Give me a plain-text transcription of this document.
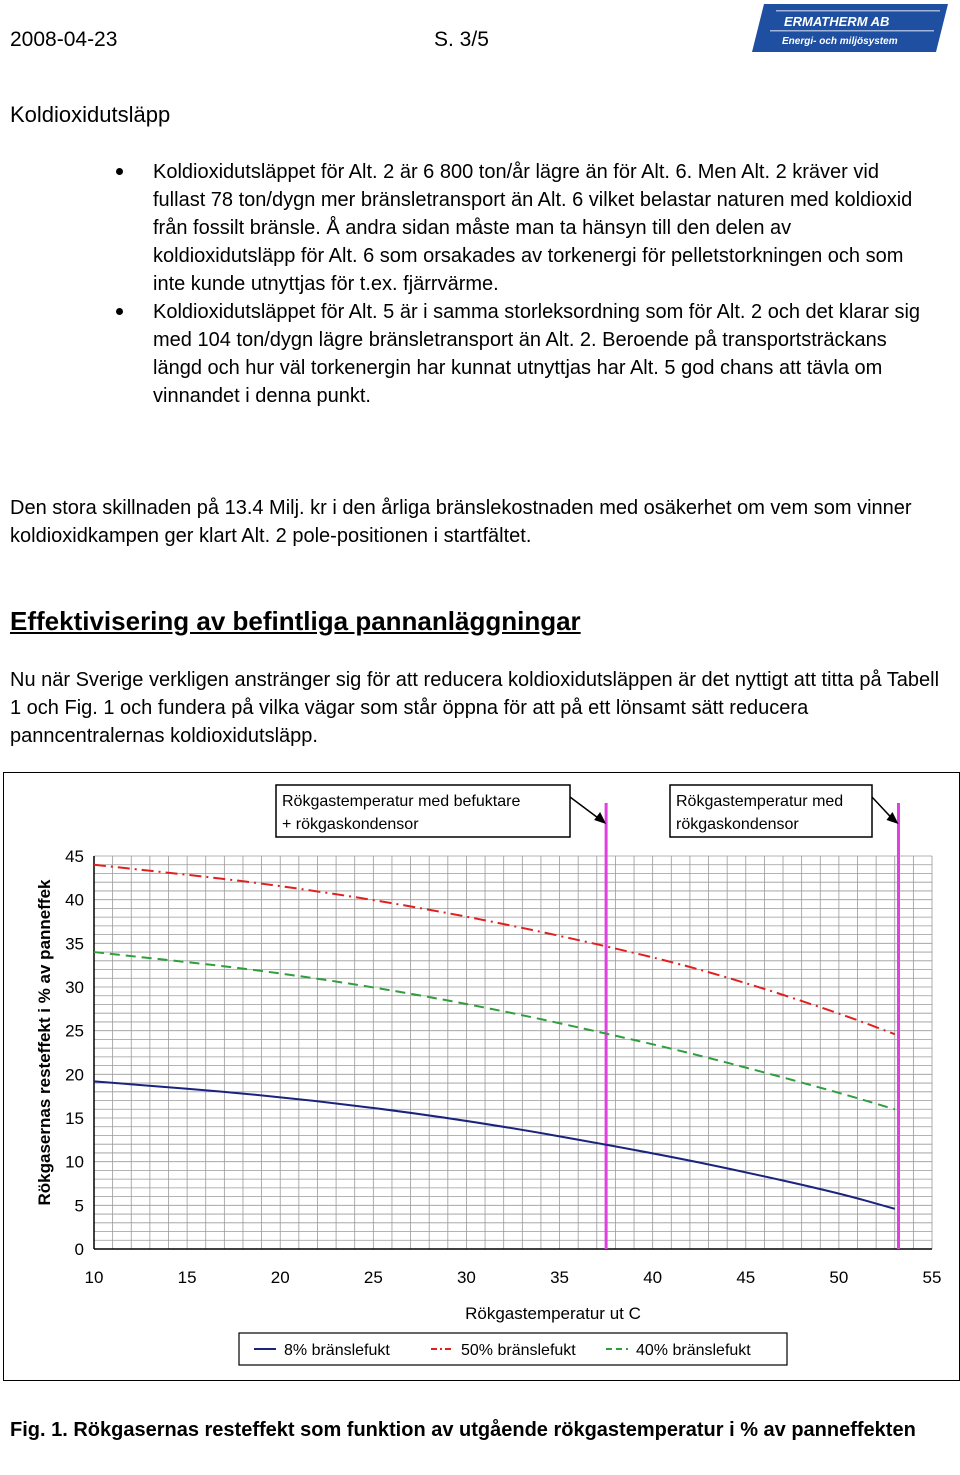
2008-04-23	S. 3/5
ERMATHERM AB
Energi- och miljösystem
Koldioxidutsläpp
Koldioxidutsläppet för Alt. 2 är 6 800 ton/år lägre än för Alt. 6. Men Alt. 2 kräver vid fullast 78 ton/dygn mer bränsletransport än Alt. 6 vilket belastar naturen med koldioxid från fossilt bränsle. Å andra sidan måste man ta hänsyn till den delen av koldioxidutsläpp för Alt. 6 som orsakades av torkenergi för pelletstorkningen och som inte kunde utnyttjas för t.ex. fjärrvärme.
Koldioxidutsläppet för Alt. 5 är i samma storleksordning som för Alt. 2 och det klarar sig med 104 ton/dygn lägre bränsletransport än Alt. 2. Beroende på transportsträckans längd och hur väl torkenergin har kunnat utnyttjas har Alt. 5 god chans att tävla om vinnandet i denna punkt.

Den stora skillnaden på 13.4 Milj. kr i den årliga bränslekostnaden med osäkerhet om vem som vinner koldioxidkampen ger klart Alt. 2 pole-positionen i startfältet.

Effektivisering av befintliga pannanläggningar

Nu när Sverige verkligen anstränger sig för att reducera koldioxidutsläppen är det nyttigt att titta på Tabell 1 och Fig. 1 och fundera på vilka vägar som står öppna för att på ett lönsamt sätt reducera panncentralernas koldioxidutsläpp.

10	15	20	25	30	35	40	45	50	55
0
5
10
15
20
25
30
35
40
45
Rökgastemperatur ut C
Rökgasernas resteffekt i % av panneffek
Rökgastemperatur med befuktare
+ rökgaskondensor
Rökgastemperatur med
rökgaskondensor
8% bränslefukt	50% bränslefukt	40% bränslefukt
Fig. 1. Rökgasernas resteffekt som funktion av utgående rökgastemperatur i % av panneffekten
